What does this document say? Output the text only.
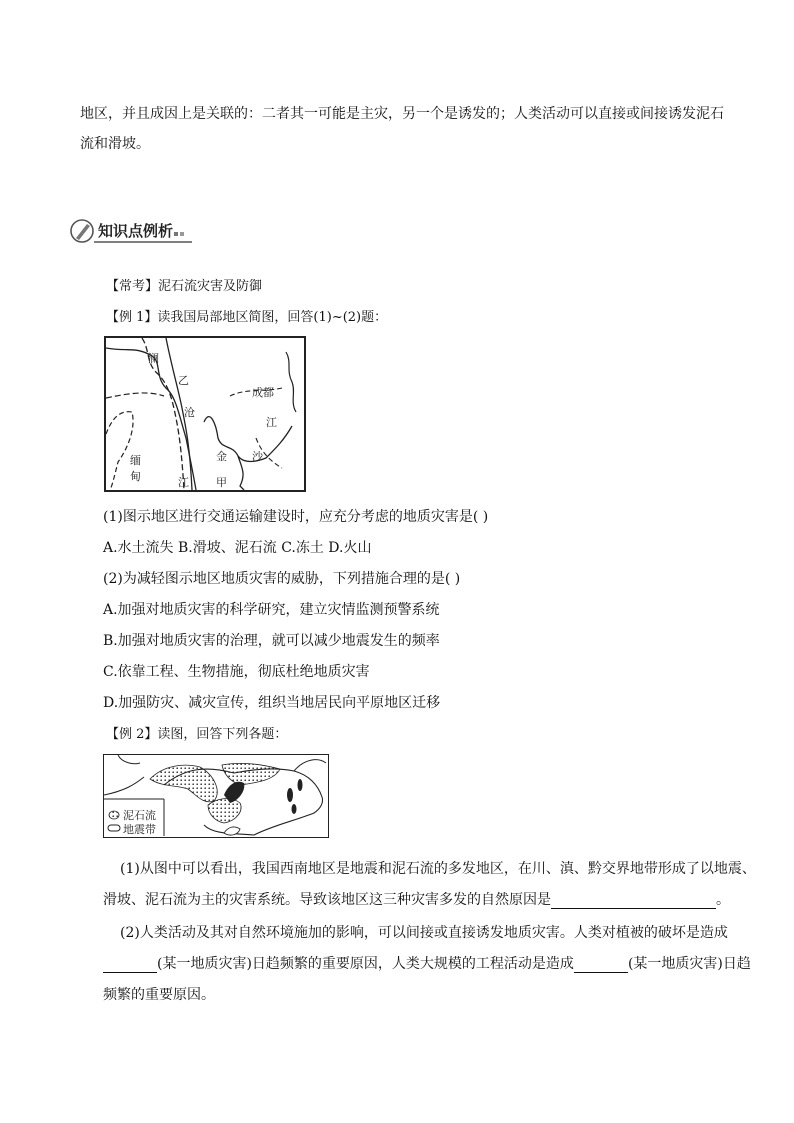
地区，并且成因上是关联的：二者其一可能是主灾，另一个是诱发的；人类活动可以直接或间接诱发泥石
流和滑坡。
知识点例析
【常考】泥石流灾害及防御
【例 1】读我国局部地区简图，回答(1)~(2)题：
澜
乙
沧
成都
江
金 沙
缅
甸	江 甲
(1)图示地区进行交通运输建设时，应充分考虑的地质灾害是( )
A.水土流失 B.滑坡、泥石流 C.冻土 D.火山
(2)为减轻图示地区地质灾害的威胁，下列措施合理的是( )
A.加强对地质灾害的科学研究，建立灾情监测预警系统
B.加强对地质灾害的治理，就可以减少地震发生的频率
C.依靠工程、生物措施，彻底杜绝地质灾害
D.加强防灾、减灾宣传，组织当地居民向平原地区迁移
【例 2】读图，回答下列各题：
泥石流
地震带
(1)从图中可以看出，我国西南地区是地震和泥石流的多发地区，在川、滇、黔交界地带形成了以地震、
滑坡、泥石流为主的灾害系统。导致该地区这三种灾害多发的自然原因是	。
(2)人类活动及其对自然环境施加的影响，可以间接或直接诱发地质灾害。人类对植被的破坏是造成
(某一地质灾害)日趋频繁的重要原因，人类大规模的工程活动是造成	(某一地质灾害)日趋
频繁的重要原因。
